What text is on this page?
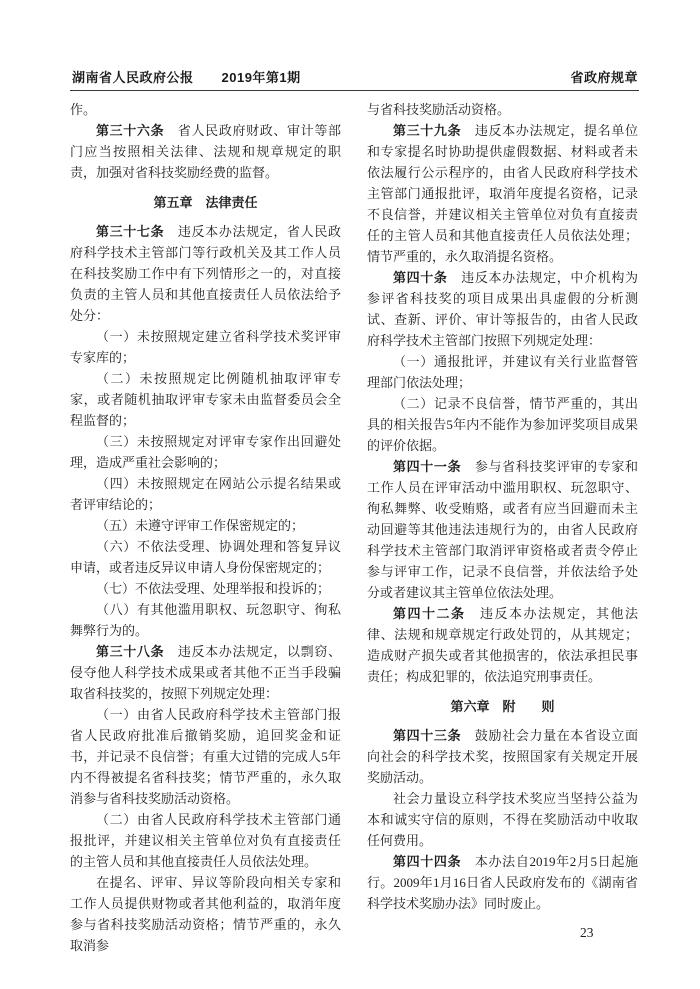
湖南省人民政府公报 2019年第1期	省政府规章

作。

第三十六条　省人民政府财政、审计等部门应当按照相关法律、法规和规章规定的职责，加强对省科技奖励经费的监督。

第五章　法律责任

第三十七条　违反本办法规定，省人民政府科学技术主管部门等行政机关及其工作人员在科技奖励工作中有下列情形之一的，对直接负责的主管人员和其他直接责任人员依法给予处分：

（一）未按照规定建立省科学技术奖评审专家库的；

（二）未按照规定比例随机抽取评审专家，或者随机抽取评审专家未由监督委员会全程监督的；

（三）未按照规定对评审专家作出回避处理，造成严重社会影响的；

（四）未按照规定在网站公示提名结果或者评审结论的；

（五）未遵守评审工作保密规定的；

（六）不依法受理、协调处理和答复异议申请，或者违反异议申请人身份保密规定的；

（七）不依法受理、处理举报和投诉的；

（八）有其他滥用职权、玩忽职守、徇私舞弊行为的。

第三十八条　违反本办法规定，以剽窃、侵夺他人科学技术成果或者其他不正当手段骗取省科技奖的，按照下列规定处理：

（一）由省人民政府科学技术主管部门报省人民政府批准后撤销奖励，追回奖金和证书，并记录不良信誉；有重大过错的完成人5年内不得被提名省科技奖；情节严重的，永久取消参与省科技奖励活动资格。

（二）由省人民政府科学技术主管部门通报批评，并建议相关主管单位对负有直接责任的主管人员和其他直接责任人员依法处理。

在提名、评审、异议等阶段向相关专家和工作人员提供财物或者其他利益的，取消年度参与省科技奖励活动资格；情节严重的，永久取消参

与省科技奖励活动资格。

第三十九条　违反本办法规定，提名单位和专家提名时协助提供虚假数据、材料或者未依法履行公示程序的，由省人民政府科学技术主管部门通报批评，取消年度提名资格，记录不良信誉，并建议相关主管单位对负有直接责任的主管人员和其他直接责任人员依法处理；情节严重的，永久取消提名资格。

第四十条　违反本办法规定，中介机构为参评省科技奖的项目成果出具虚假的分析测试、查新、评价、审计等报告的，由省人民政府科学技术主管部门按照下列规定处理：

（一）通报批评，并建议有关行业监督管理部门依法处理；

（二）记录不良信誉，情节严重的，其出具的相关报告5年内不能作为参加评奖项目成果的评价依据。

第四十一条　参与省科技奖评审的专家和工作人员在评审活动中滥用职权、玩忽职守、徇私舞弊、收受贿赂，或者有应当回避而未主动回避等其他违法违规行为的，由省人民政府科学技术主管部门取消评审资格或者责令停止参与评审工作，记录不良信誉，并依法给予处分或者建议其主管单位依法处理。

第四十二条　违反本办法规定，其他法律、法规和规章规定行政处罚的，从其规定；造成财产损失或者其他损害的，依法承担民事责任；构成犯罪的，依法追究刑事责任。

第六章　附　　则

第四十三条　鼓励社会力量在本省设立面向社会的科学技术奖，按照国家有关规定开展奖励活动。

社会力量设立科学技术奖应当坚持公益为本和诚实守信的原则，不得在奖励活动中收取任何费用。

第四十四条　本办法自2019年2月5日起施行。2009年1月16日省人民政府发布的《湖南省科学技术奖励办法》同时废止。

23
